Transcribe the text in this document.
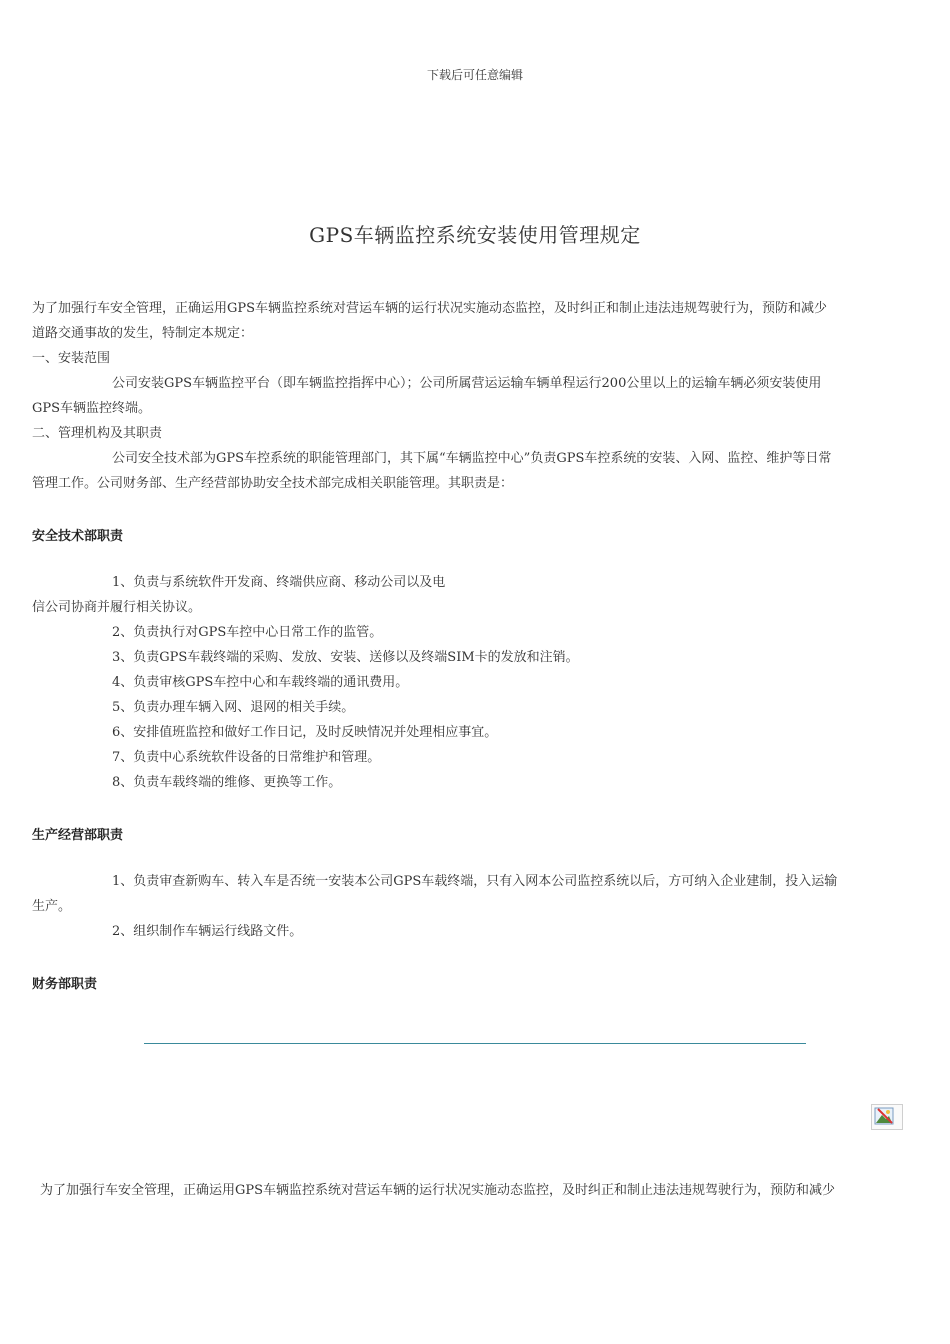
下载后可任意编辑
GPS车辆监控系统安装使用管理规定
为了加强行车安全管理，正确运用GPS车辆监控系统对营运车辆的运行状况实施动态监控，及时纠正和制止违法违规驾驶行为，预防和减少
道路交通事故的发生，特制定本规定：
一、安装范围
公司安装GPS车辆监控平台（即车辆监控指挥中心）；公司所属营运运输车辆单程运行200公里以上的运输车辆必须安装使用
GPS车辆监控终端。
二、管理机构及其职责
公司安全技术部为GPS车控系统的职能管理部门，其下属“车辆监控中心”负责GPS车控系统的安装、入网、监控、维护等日常
管理工作。公司财务部、生产经营部协助安全技术部完成相关职能管理。其职责是：
安全技术部职责
1、负责与系统软件开发商、终端供应商、移动公司以及电
信公司协商并履行相关协议。
2、负责执行对GPS车控中心日常工作的监管。
3、负责GPS车载终端的采购、发放、安装、送修以及终端SIM卡的发放和注销。
4、负责审核GPS车控中心和车载终端的通讯费用。
5、负责办理车辆入网、退网的相关手续。
6、安排值班监控和做好工作日记，及时反映情况并处理相应事宜。
7、负责中心系统软件设备的日常维护和管理。
8、负责车载终端的维修、更换等工作。
生产经营部职责
1、负责审查新购车、转入车是否统一安装本公司GPS车载终端，只有入网本公司监控系统以后，方可纳入企业建制，投入运输
生产。
2、组织制作车辆运行线路文件。
财务部职责
为了加强行车安全管理，正确运用GPS车辆监控系统对营运车辆的运行状况实施动态监控，及时纠正和制止违法违规驾驶行为，预防和减少
